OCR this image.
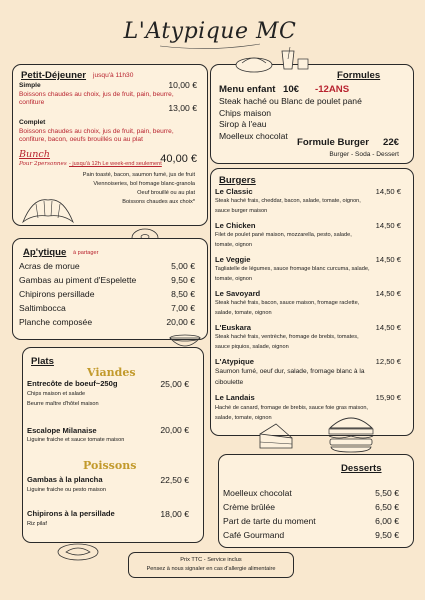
L'Atypique MC
Petit-Déjeuner jusqu'à 11h30
Simple	10,00 €
Boissons chaudes au choix, jus de fruit, pain, beurre,
confiture
13,00 €
Complet
Boissons chaudes au choix, jus de fruit, pain, beurre,
confiture, bacon, oeufs brouillés ou au plat
Bunch
Pour 2personnes - jusqu'à 12h Le week-end seulement
40,00 €
Pain toasté, bacon, saumon fumé, jus de fruit
Viennoiseries, bol fromage blanc-granola
Oeuf brouillé ou au plat
Boissons chaudes aux choix*
Ap'ytique à partager
Acras de morue	5,00 €
Gambas au piment d'Espelette	9,50 €
Chipirons persillade	8,50 €
Saltimbocca	7,00 €
Planche composée	20,00 €
Plats
Viandes
Entrecôte de boeuf~250g	25,00 €
Chips maison et salade
Beurre maître d'hôtel maison
Escalope Milanaise	20,00 €
Liguine fraiche et sauce tomate maison
Poissons
Gambas à la plancha	22,50 €
Liguine fraiche ou pesto maison
Chipirons à la persillade	18,00 €
Riz pilaf
Formules
Menu enfant 10€ -12ANS
Steak haché ou Blanc de poulet pané
Chips maison
Sirop à l'eau
Moelleux chocolat
Formule Burger 22€
Burger - Soda - Dessert
Burgers
Le Classic	14,50 €
Steak haché frais, cheddar, bacon, salade, tomate, oignon,
sauce burger maison
Le Chicken	14,50 €
Filet de poulet pané maison, mozzarella, pesto, salade,
tomate, oignon
Le Veggie	14,50 €
Tagliatelle de légumes, sauce fromage blanc curcuma, salade,
tomate, oignon
Le Savoyard	14,50 €
Steak haché frais, bacon, sauce maison, fromage raclette,
salade, tomate, oignon
L'Euskara	14,50 €
Steak haché frais, ventrèche, fromage de brebis, tomates,
sauce piquios, salade, oignon
L'Atypique	12,50 €
Saumon fumé, oeuf dur, salade, fromage blanc à la
ciboulette
Le Landais	15,90 €
Haché de canard, fromage de brebis, sauce foie gras maison,
salade, tomate, oignon
Desserts
Moelleux chocolat	5,50 €
Crème brûlée	6,50 €
Part de tarte du moment	6,00 €
Café Gourmand	9,50 €
Prix TTC - Service inclus
Pensez à nous signaler en cas d'allergie alimentaire
